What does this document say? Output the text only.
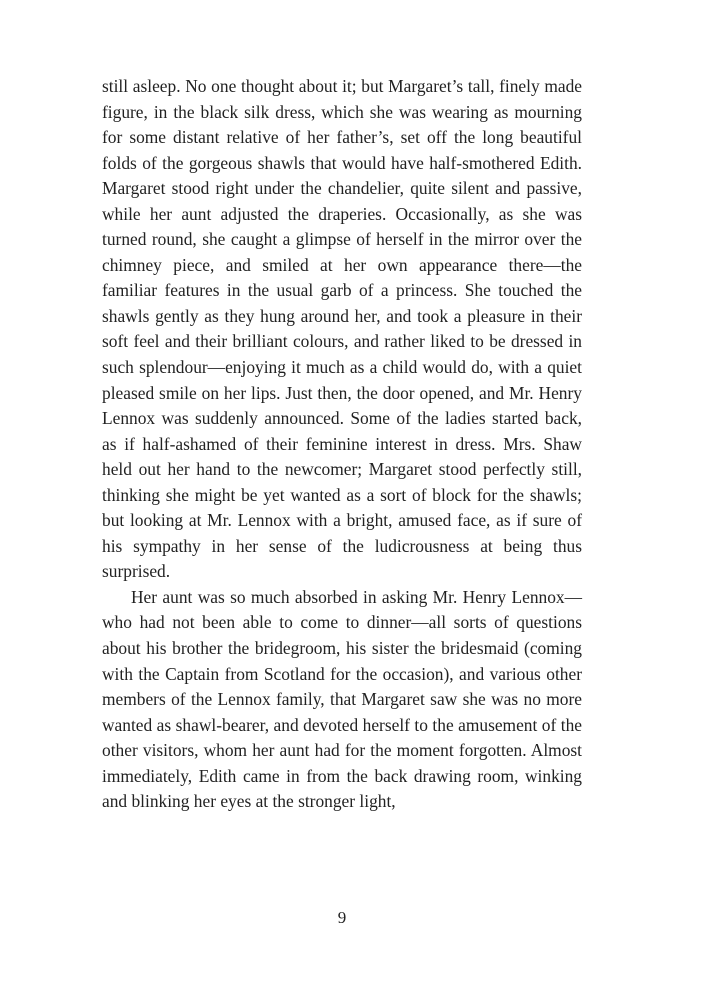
still asleep. No one thought about it; but Margaret’s tall, finely made figure, in the black silk dress, which she was wearing as mourning for some distant relative of her father’s, set off the long beautiful folds of the gorgeous shawls that would have half-smothered Edith. Margaret stood right under the chandelier, quite silent and passive, while her aunt adjusted the draperies. Occasionally, as she was turned round, she caught a glimpse of herself in the mirror over the chimney piece, and smiled at her own appearance there—the familiar features in the usual garb of a princess. She touched the shawls gently as they hung around her, and took a pleasure in their soft feel and their brilliant colours, and rather liked to be dressed in such splendour—enjoying it much as a child would do, with a quiet pleased smile on her lips. Just then, the door opened, and Mr. Henry Lennox was suddenly announced. Some of the ladies started back, as if half-ashamed of their feminine interest in dress. Mrs. Shaw held out her hand to the newcomer; Margaret stood perfectly still, thinking she might be yet wanted as a sort of block for the shawls; but looking at Mr. Lennox with a bright, amused face, as if sure of his sympathy in her sense of the ludicrousness at being thus surprised.

Her aunt was so much absorbed in asking Mr. Henry Lennox—who had not been able to come to dinner—all sorts of questions about his brother the bridegroom, his sister the bridesmaid (coming with the Captain from Scotland for the occasion), and various other members of the Lennox family, that Margaret saw she was no more wanted as shawl-bearer, and devoted herself to the amusement of the other visitors, whom her aunt had for the moment forgotten. Almost immediately, Edith came in from the back drawing room, winking and blinking her eyes at the stronger light,

9
